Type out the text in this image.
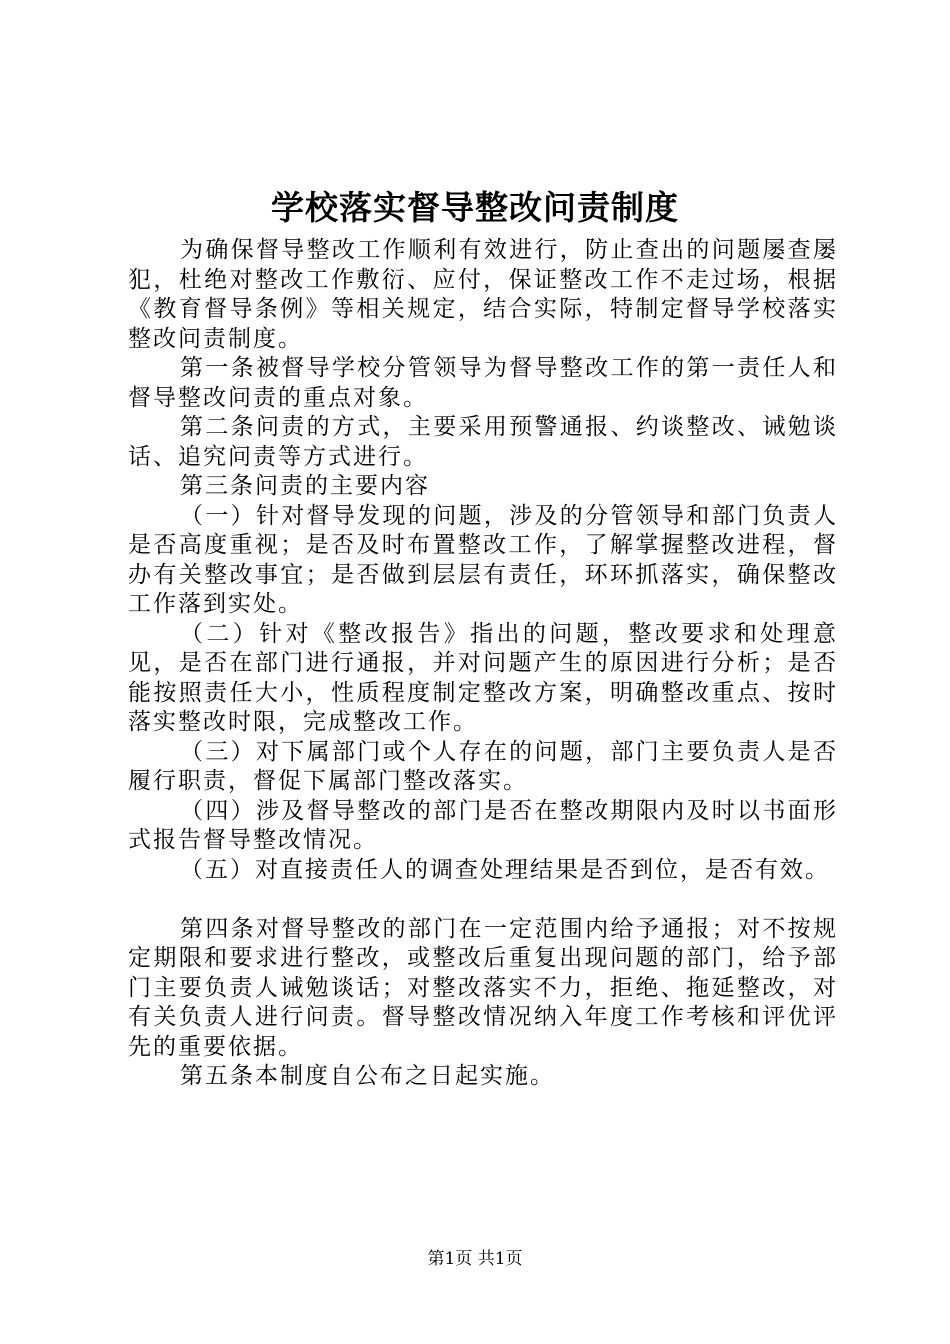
学校落实督导整改问责制度

为确保督导整改工作顺利有效进行，防止查出的问题屡查屡犯，杜绝对整改工作敷衍、应付，保证整改工作不走过场，根据《教育督导条例》等相关规定，结合实际，特制定督导学校落实整改问责制度。

第一条被督导学校分管领导为督导整改工作的第一责任人和督导整改问责的重点对象。

第二条问责的方式，主要采用预警通报、约谈整改、诫勉谈话、追究问责等方式进行。

第三条问责的主要内容

（一）针对督导发现的问题，涉及的分管领导和部门负责人是否高度重视；是否及时布置整改工作，了解掌握整改进程，督办有关整改事宜；是否做到层层有责任，环环抓落实，确保整改工作落到实处。

（二）针对《整改报告》指出的问题，整改要求和处理意见，是否在部门进行通报，并对问题产生的原因进行分析；是否能按照责任大小，性质程度制定整改方案，明确整改重点、按时落实整改时限，完成整改工作。

（三）对下属部门或个人存在的问题，部门主要负责人是否履行职责，督促下属部门整改落实。

（四）涉及督导整改的部门是否在整改期限内及时以书面形式报告督导整改情况。

（五）对直接责任人的调查处理结果是否到位，是否有效。

第四条对督导整改的部门在一定范围内给予通报；对不按规定期限和要求进行整改，或整改后重复出现问题的部门，给予部门主要负责人诫勉谈话；对整改落实不力，拒绝、拖延整改，对有关负责人进行问责。督导整改情况纳入年度工作考核和评优评先的重要依据。

第五条本制度自公布之日起实施。

第1页 共1页
